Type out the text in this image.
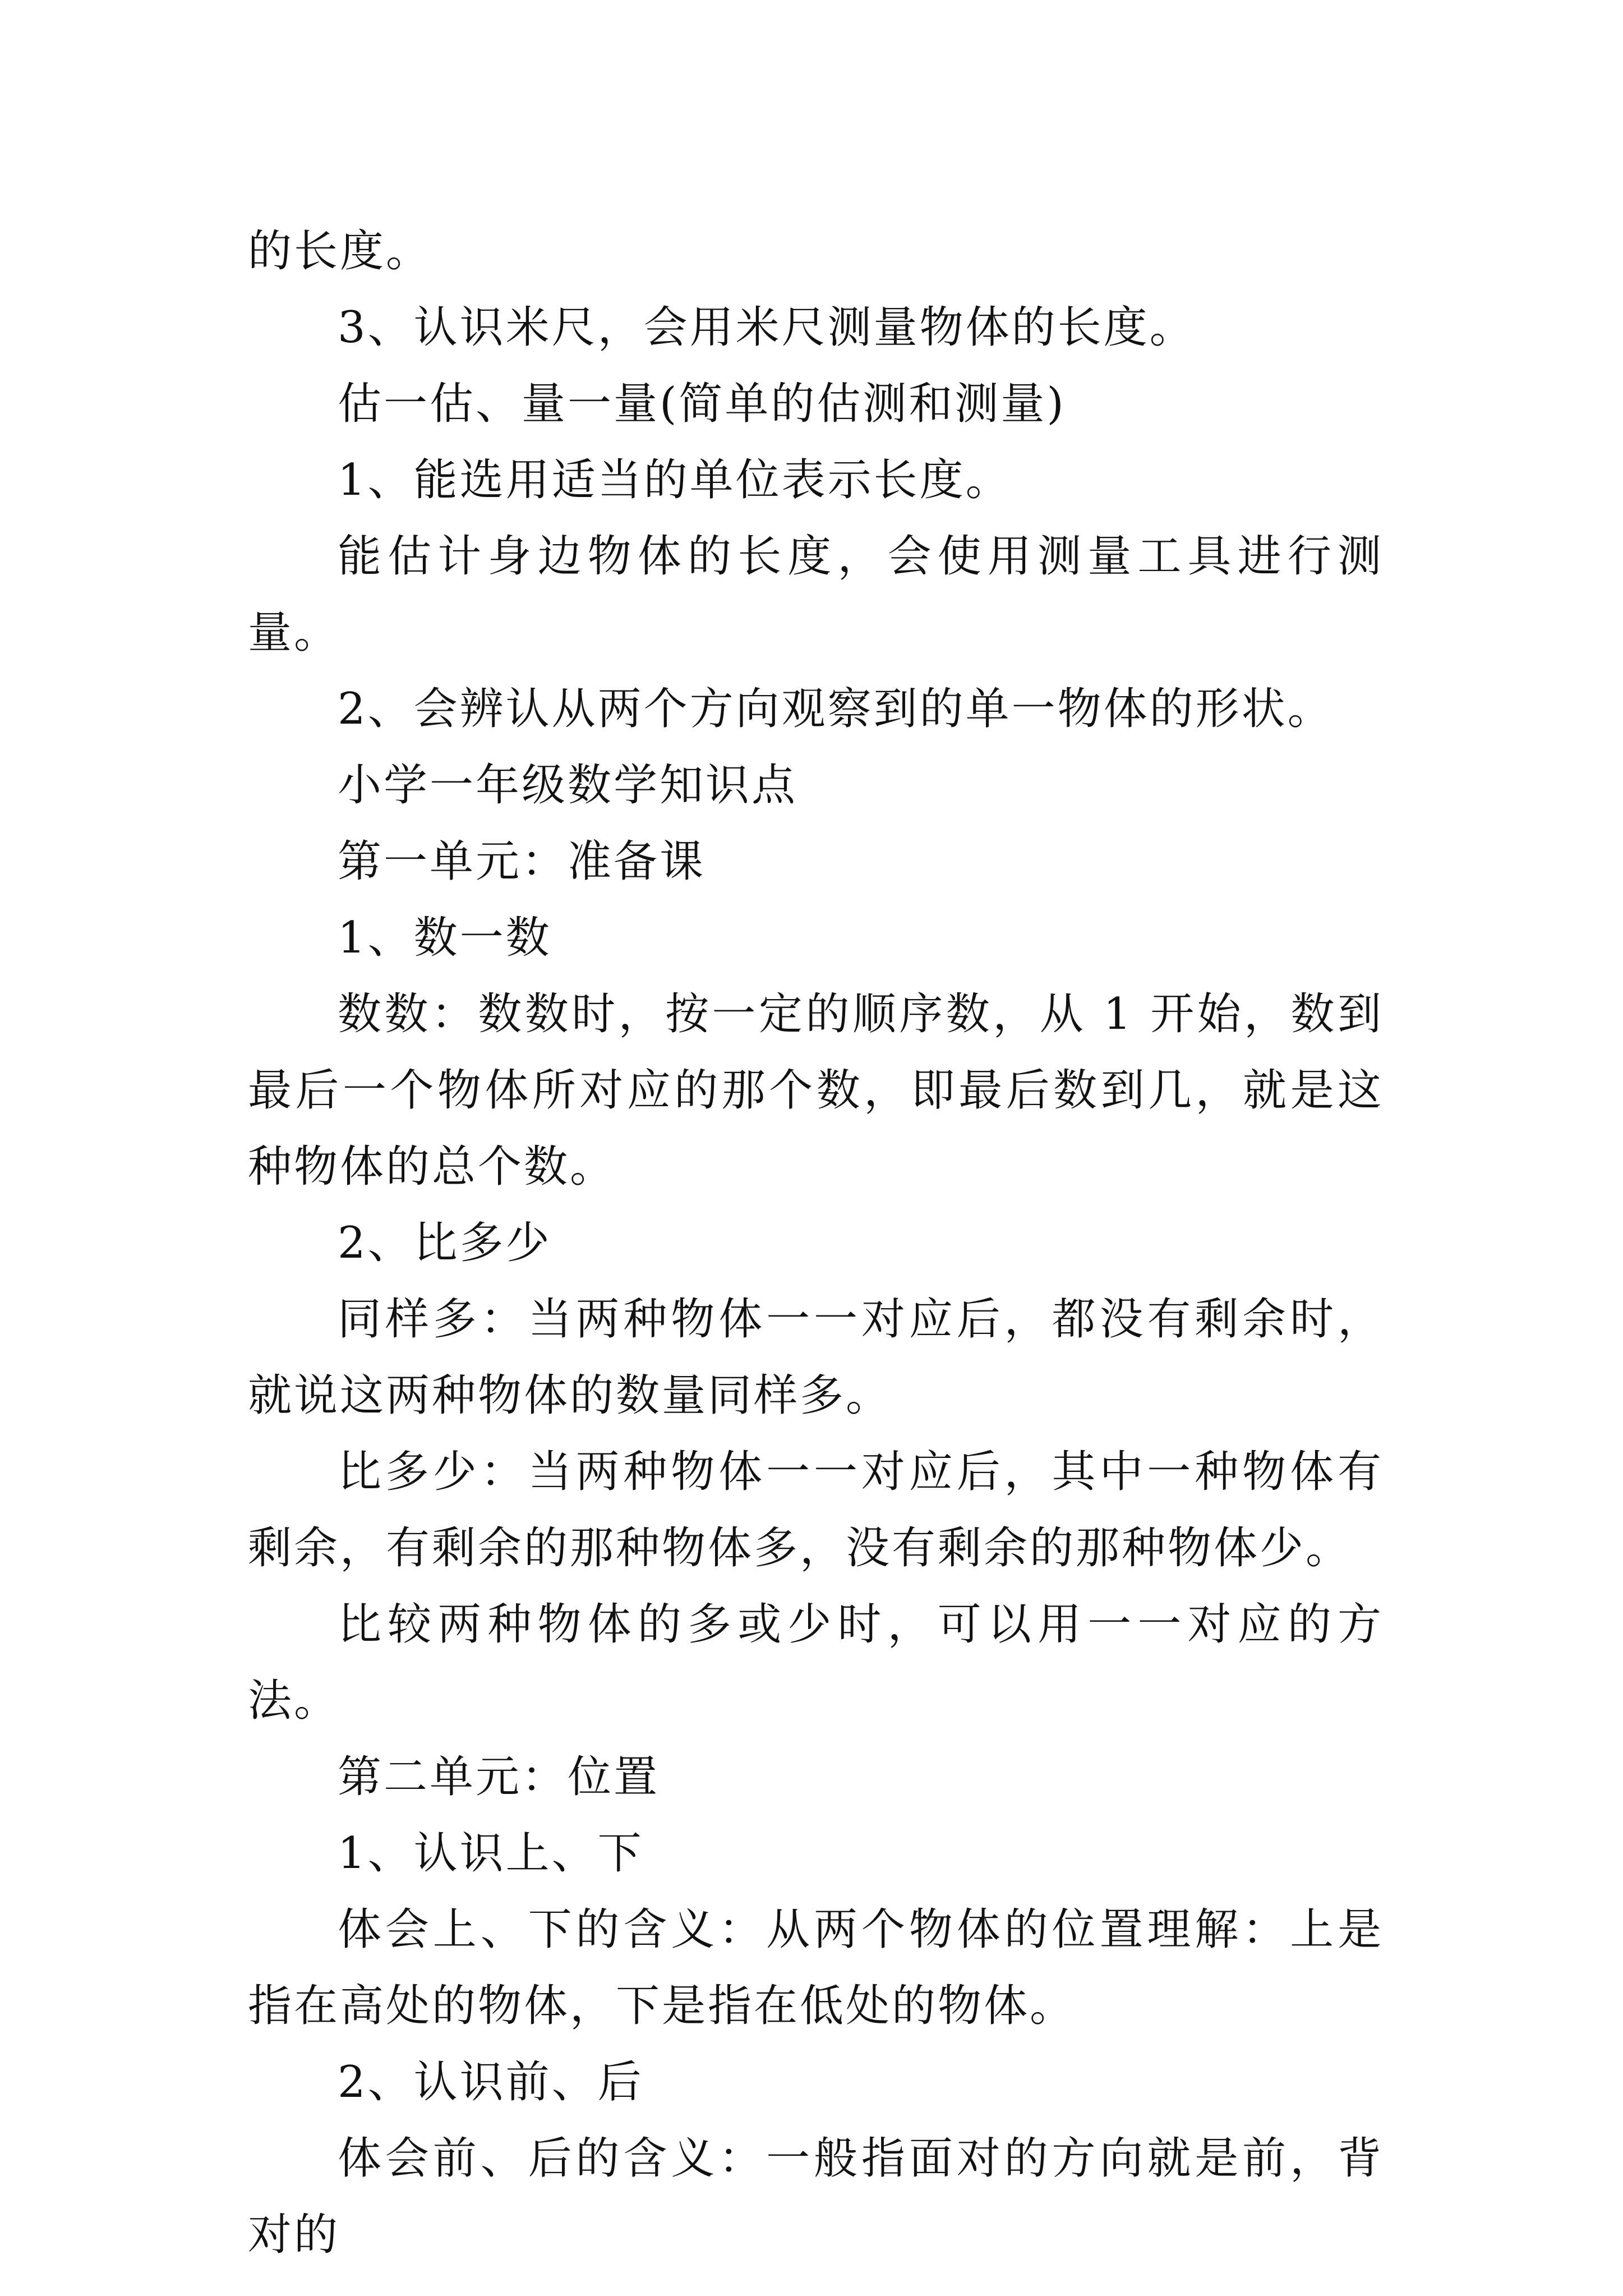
的长度。

3、认识米尺，会用米尺测量物体的长度。

估一估、量一量(简单的估测和测量)

1、能选用适当的单位表示长度。

能估计身边物体的长度，会使用测量工具进行测量。

2、会辨认从两个方向观察到的单一物体的形状。

小学一年级数学知识点

第一单元：准备课

1、数一数

数数：数数时，按一定的顺序数，从 1 开始，数到最后一个物体所对应的那个数，即最后数到几，就是这种物体的总个数。

2、比多少

同样多：当两种物体一一对应后，都没有剩余时，就说这两种物体的数量同样多。

比多少：当两种物体一一对应后，其中一种物体有剩余，有剩余的那种物体多，没有剩余的那种物体少。

比较两种物体的多或少时，可以用一一对应的方法。

第二单元：位置

1、认识上、下

体会上、下的含义：从两个物体的位置理解：上是指在高处的物体，下是指在低处的物体。

2、认识前、后

体会前、后的含义：一般指面对的方向就是前，背对的
